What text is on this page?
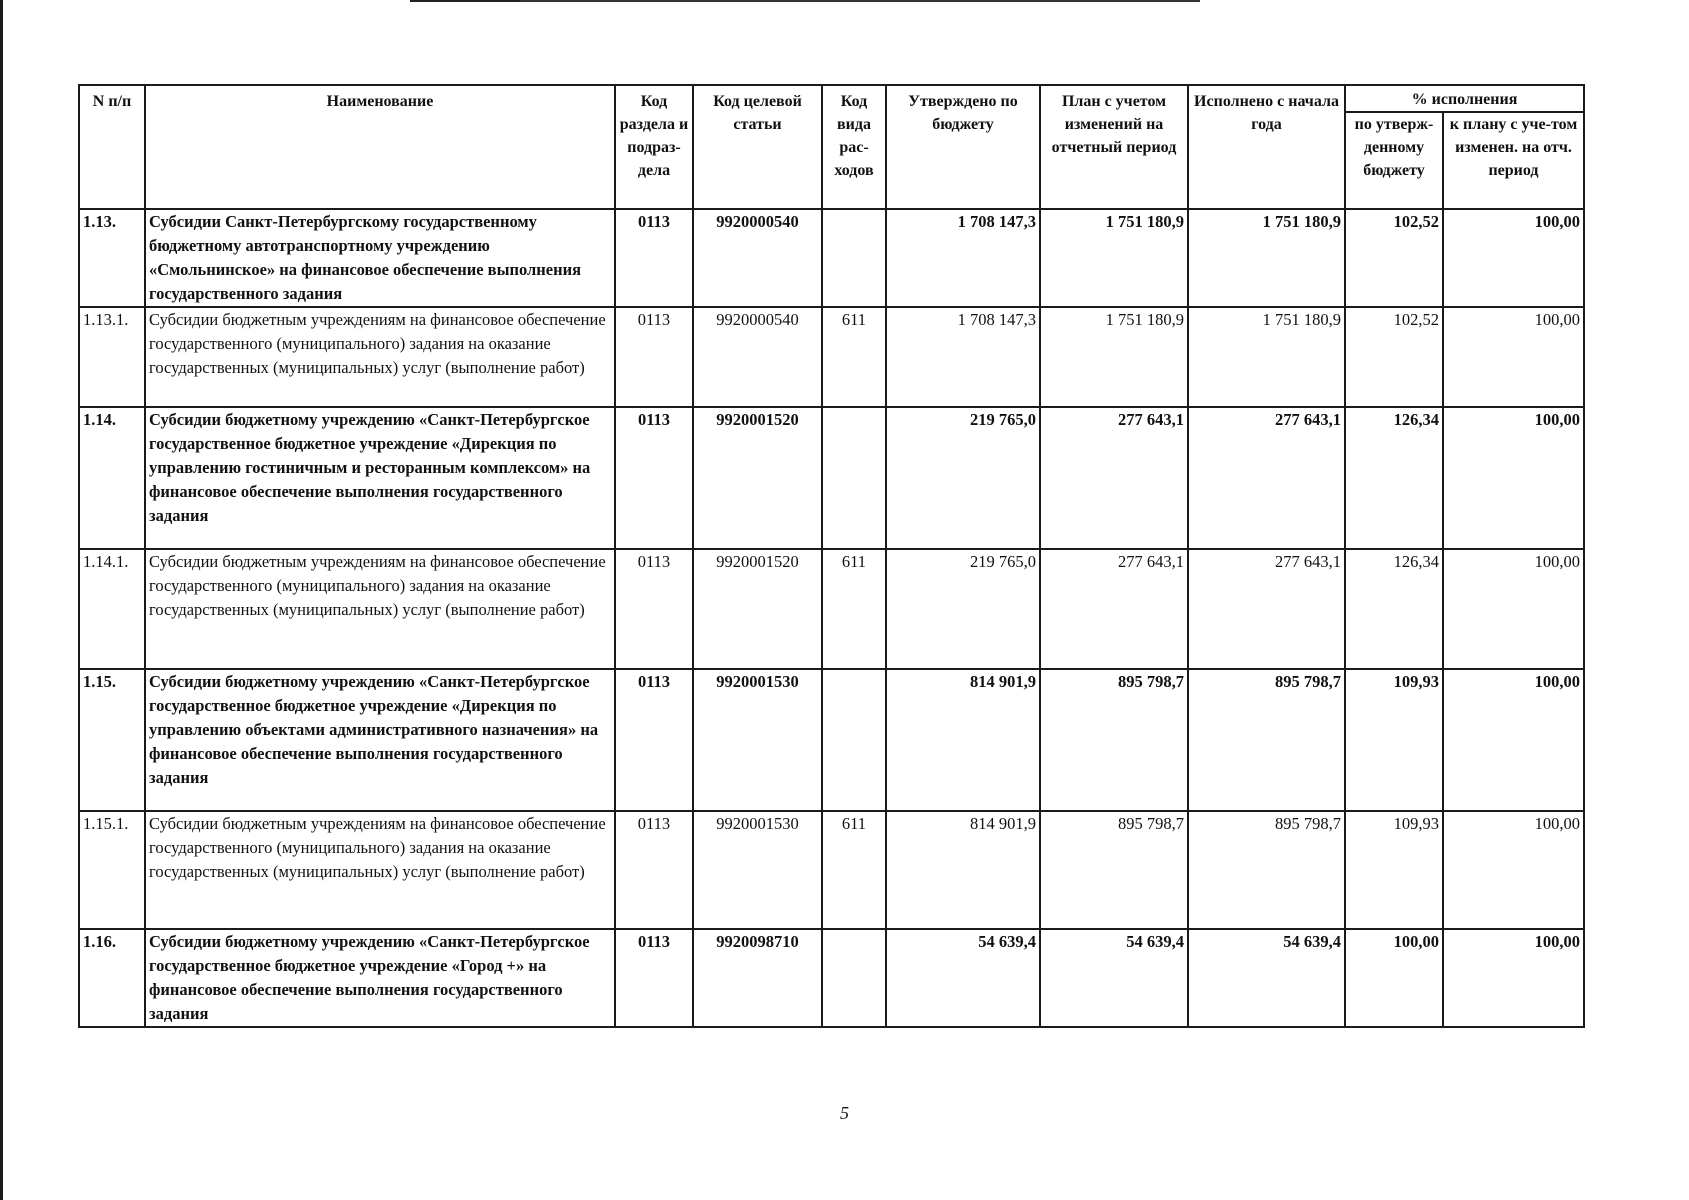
N п/п	Наименование	Код раздела и подраз-дела	Код целевой статьи	Код вида рас-ходов	Утверждено по бюджету	План с учетом изменений на отчетный период	Исполнено с начала года	% исполнения	
								по утверж-денному бюджету	к плану с уче-том изменен. на отч. период
1.13.	Субсидии Санкт-Петербургскому государственному бюджетному автотранспортному учреждению «Смольнинское» на финансовое обеспечение выполнения государственного задания	0113	9920000540		1 708 147,3	1 751 180,9	1 751 180,9	102,52	100,00
1.13.1.	Субсидии бюджетным учреждениям на финансовое обеспечение государственного (муниципального) задания на оказание государственных (муниципальных) услуг (выполнение работ)	0113	9920000540	611	1 708 147,3	1 751 180,9	1 751 180,9	102,52	100,00
1.14.	Субсидии бюджетному учреждению «Санкт-Петербургское государственное бюджетное учреждение «Дирекция по управлению гостиничным и ресторанным комплексом» на финансовое обеспечение выполнения государственного задания	0113	9920001520		219 765,0	277 643,1	277 643,1	126,34	100,00
1.14.1.	Субсидии бюджетным учреждениям на финансовое обеспечение государственного (муниципального) задания на оказание государственных (муниципальных) услуг (выполнение работ)	0113	9920001520	611	219 765,0	277 643,1	277 643,1	126,34	100,00
1.15.	Субсидии бюджетному учреждению «Санкт-Петербургское государственное бюджетное учреждение «Дирекция по управлению объектами административного назначения» на финансовое обеспечение выполнения государственного задания	0113	9920001530		814 901,9	895 798,7	895 798,7	109,93	100,00
1.15.1.	Субсидии бюджетным учреждениям на финансовое обеспечение государственного (муниципального) задания на оказание государственных (муниципальных) услуг (выполнение работ)	0113	9920001530	611	814 901,9	895 798,7	895 798,7	109,93	100,00
1.16.	Субсидии бюджетному учреждению «Санкт-Петербургское государственное бюджетное учреждение «Город +» на финансовое обеспечение выполнения государственного задания	0113	9920098710		54 639,4	54 639,4	54 639,4	100,00	100,00
5
